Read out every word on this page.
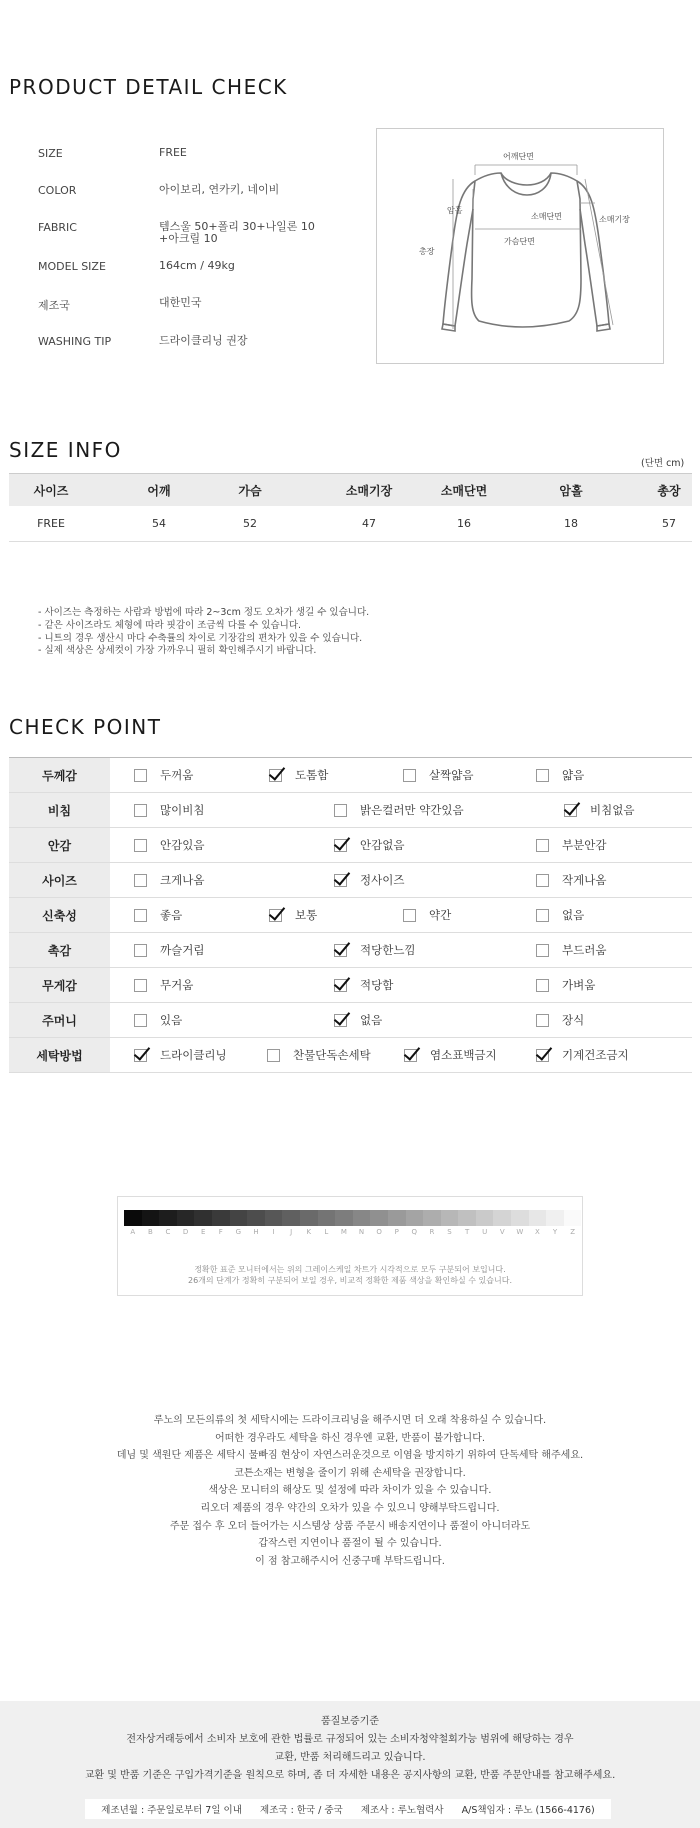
PRODUCT DETAIL CHECK
SIZE	FREE
COLOR	아이보리, 연카키, 네이비
FABRIC	템스울 50+폴리 30+나일론 10
+아크릴 10
MODEL SIZE	164cm / 49kg
제조국	대한민국
WASHING TIP	드라이클리닝 권장
어깨단면
암홀
소매단면	소매기장
가슴단면
총장
SIZE INFO
(단면 cm)
사이즈	어깨	가슴	소매기장	소매단면	암홀	총장
FREE	54	52	47	16	18	57
- 사이즈는 측정하는 사람과 방법에 따라 2~3cm 정도 오차가 생길 수 있습니다.
- 같은 사이즈라도 체형에 따라 핏감이 조금씩 다를 수 있습니다.
- 니트의 경우 생산시 마다 수축률의 차이로 기장감의 편차가 있을 수 있습니다.
- 실제 색상은 상세컷이 가장 가까우니 필히 확인해주시기 바랍니다.
CHECK POINT
두께감	두꺼움	도톰함	살짝얇음	얇음
비침	많이비침	밝은컬러만 약간있음	비침없음
안감	안감있음	안감없음	부분안감
사이즈	크게나옴	정사이즈	작게나옴
신축성	좋음	보통	약간	없음
촉감	까슬거림	적당한느낌	부드러움
무게감	무거움	적당함	가벼움
주머니	있음	없음	장식
세탁방법	드라이클리닝	찬물단독손세탁	염소표백금지	기계건조금지
A	B	C	D	E	F	G	H	I	J	K	L	M	N	O	P	Q	R	S	T	U	V	W	X	Y	Z
정확한 표준 모니터에서는 위의 그레이스케일 차트가 시각적으로 모두 구분되어 보입니다.
26개의 단계가 정확히 구분되어 보일 경우, 비교적 정확한 제품 색상을 확인하실 수 있습니다.
루노의 모든의류의 첫 세탁시에는 드라이크리닝을 해주시면 더 오래 착용하실 수 있습니다.
어떠한 경우라도 세탁을 하신 경우엔 교환, 반품이 불가합니다.
데님 및 색원단 제품은 세탁시 물빠짐 현상이 자연스러운것으로 이염을 방지하기 위하여 단독세탁 해주세요.
코튼소재는 변형을 줄이기 위해 손세탁을 권장합니다.
색상은 모니터의 해상도 및 설정에 따라 차이가 있을 수 있습니다.
리오더 제품의 경우 약간의 오차가 있을 수 있으니 양해부탁드립니다.
주문 접수 후 오더 들어가는 시스템상 상품 주문시 배송지연이나 품절이 아니더라도
갑작스런 지연이나 품절이 될 수 있습니다.
이 점 참고해주시어 신중구매 부탁드립니다.
품질보증기준
전자상거래등에서 소비자 보호에 관한 법률로 규정되어 있는 소비자청약철회가능 범위에 해당하는 경우
교환, 반품 처리해드리고 있습니다.
교환 및 반품 기준은 구입가격기준을 원칙으로 하며, 좀 더 자세한 내용은 공지사항의 교환, 반품 주문안내를 참고해주세요.
제조년월 : 주문일로부터 7일 이내      제조국 : 한국 / 중국      제조사 : 루노협력사      A/S책임자 : 루노 (1566-4176)
